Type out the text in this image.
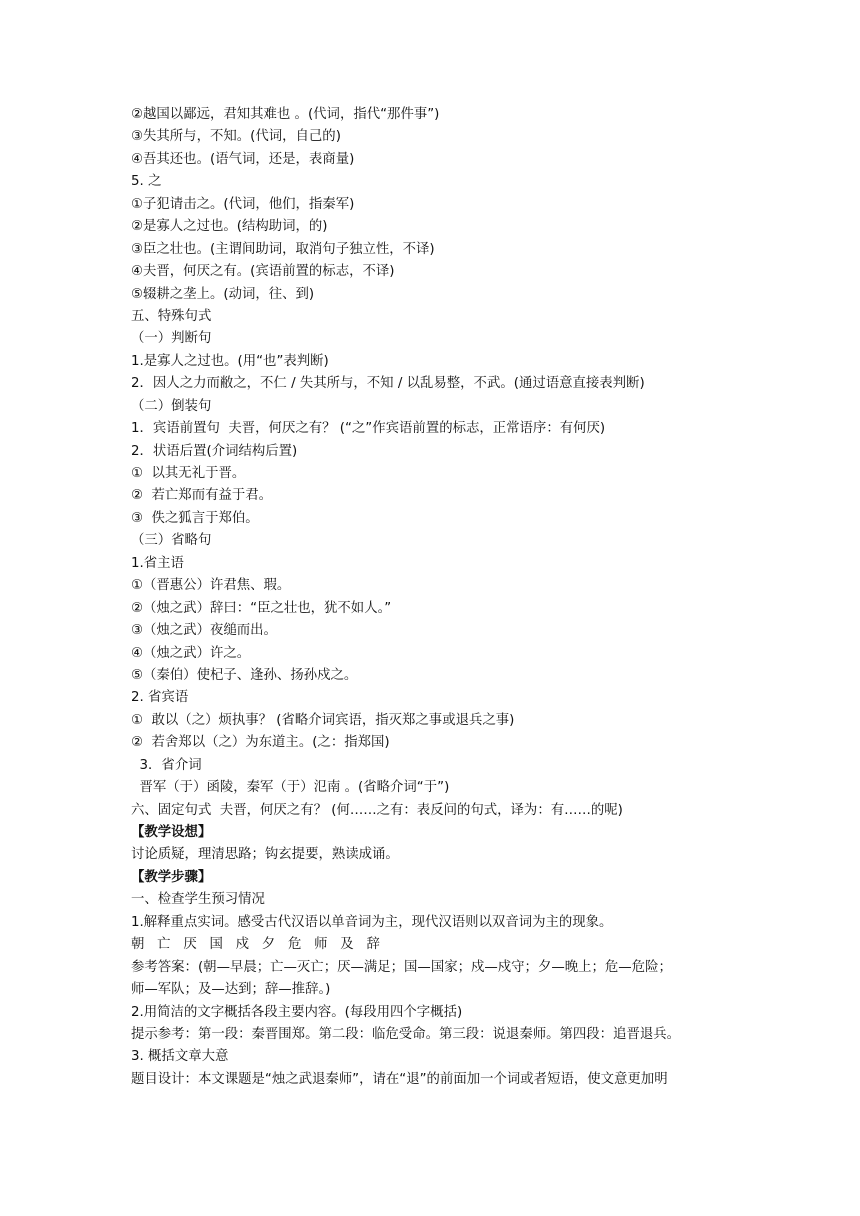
②越国以鄙远，君知其难也 。(代词，指代“那件事”)
③失其所与，不知。(代词，自己的)
④吾其还也。(语气词，还是，表商量)
5. 之
①子犯请击之。(代词，他们，指秦军)
②是寡人之过也。(结构助词，的)
③臣之壮也。(主谓间助词，取消句子独立性，不译)
④夫晋，何厌之有。(宾语前置的标志，不译)
⑤辍耕之垄上。(动词，往、到)
五、特殊句式
（一）判断句
1.是寡人之过也。(用“也”表判断)
2．因人之力而敝之，不仁 / 失其所与，不知 / 以乱易整，不武。(通过语意直接表判断)
（二）倒装句
1．宾语前置句  夫晋，何厌之有？ (“之”作宾语前置的标志，正常语序：有何厌)
2．状语后置(介词结构后置)
①  以其无礼于晋。
②  若亡郑而有益于君。
③  佚之狐言于郑伯。
（三）省略句
1.省主语
①（晋惠公）许君焦、瑕。
②（烛之武）辞曰：“臣之壮也，犹不如人。”
③（烛之武）夜缒而出。
④（烛之武）许之。
⑤（秦伯）使杞子、逢孙、扬孙戍之。
2. 省宾语
①  敢以（之）烦执事？ (省略介词宾语，指灭郑之事或退兵之事)
②  若舍郑以（之）为东道主。(之：指郑国)
3．省介词
晋军（于）函陵，秦军（于）氾南 。(省略介词“于”)
六、固定句式  夫晋，何厌之有？ (何……之有：表反问的句式，译为：有……的呢)
【教学设想】
讨论质疑，理清思路；钩玄提要，熟读成诵。
【教学步骤】
一、检查学生预习情况
1.解释重点实词。感受古代汉语以单音词为主，现代汉语则以双音词为主的现象。
朝   亡   厌   国   戍   夕   危   师   及   辞
参考答案：(朝—早晨；亡—灭亡；厌—满足；国—国家；戍—戍守；夕—晚上；危—危险；
师—军队；及—达到；辞—推辞。)
2.用简洁的文字概括各段主要内容。(每段用四个字概括)
提示参考：第一段：秦晋围郑。第二段：临危受命。第三段：说退秦师。第四段：追晋退兵。
3. 概括文章大意
题目设计：本文课题是“烛之武退秦师”，请在“退”的前面加一个词或者短语，使文意更加明
